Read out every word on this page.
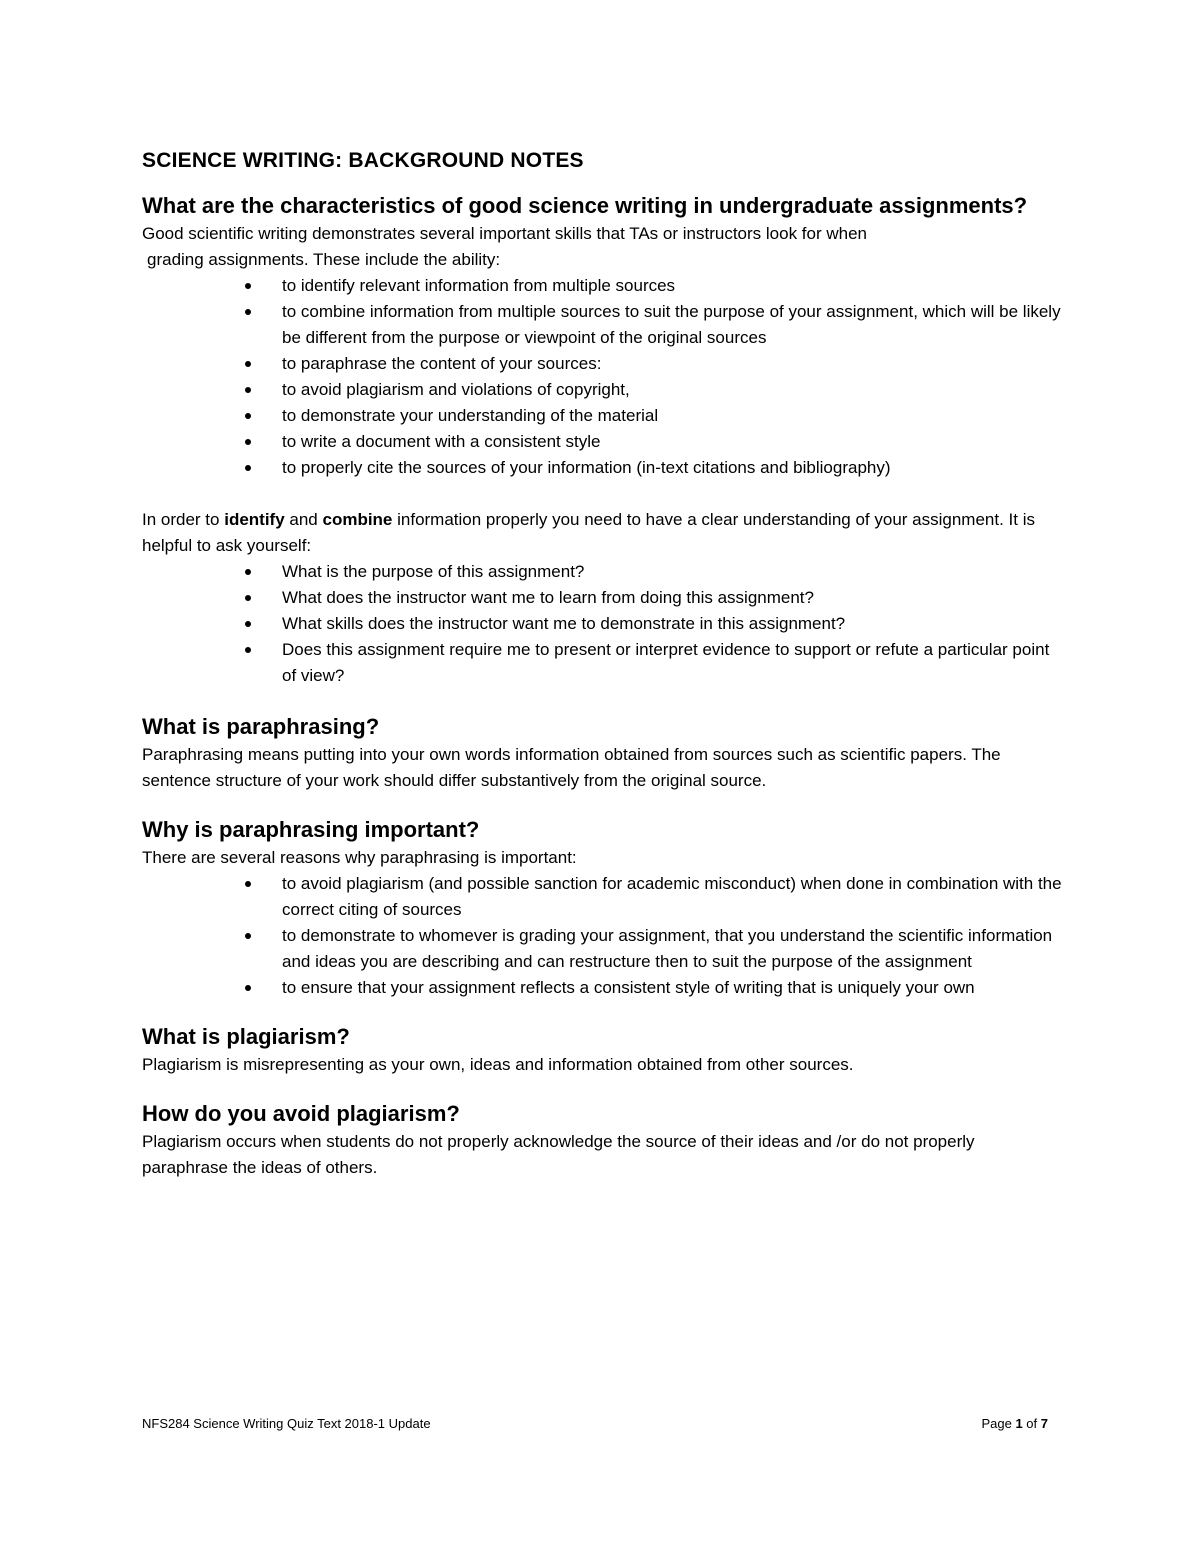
SCIENCE WRITING: BACKGROUND NOTES
What are the characteristics of good science writing in undergraduate assignments?
Good scientific writing demonstrates several important skills that TAs or instructors look for when
grading assignments. These include the ability:
to identify relevant information from multiple sources
to combine information from multiple sources to suit the purpose of your assignment, which will be likely be different from the purpose or viewpoint of the original sources
to paraphrase the content of your sources:
to avoid plagiarism and violations of copyright,
to demonstrate your understanding of the material
to write a document with a consistent style
to properly cite the sources of your information (in-text citations and bibliography)
In order to identify and combine information properly you need to have a clear understanding of your assignment. It is helpful to ask yourself:
What is the purpose of this assignment?
What does the instructor want me to learn from doing this assignment?
What skills does the instructor want me to demonstrate in this assignment?
Does this assignment require me to present or interpret evidence to support or refute a particular point of view?
What is paraphrasing?
Paraphrasing means putting into your own words information obtained from sources such as scientific papers. The sentence structure of your work should differ substantively from the original source.
Why is paraphrasing important?
There are several reasons why paraphrasing is important:
to avoid plagiarism (and possible sanction for academic misconduct) when done in combination with the correct citing of sources
to demonstrate to whomever is grading your assignment, that you understand the scientific information and ideas you are describing and can restructure then to suit the purpose of the assignment
to ensure that your assignment reflects a consistent style of writing that is uniquely your own
What is plagiarism?
Plagiarism is misrepresenting as your own, ideas and information obtained from other sources.
How do you avoid plagiarism?
Plagiarism occurs when students do not properly acknowledge the source of their ideas and /or do not properly paraphrase the ideas of others.
NFS284 Science Writing Quiz Text 2018-1 Update	Page 1 of 7
